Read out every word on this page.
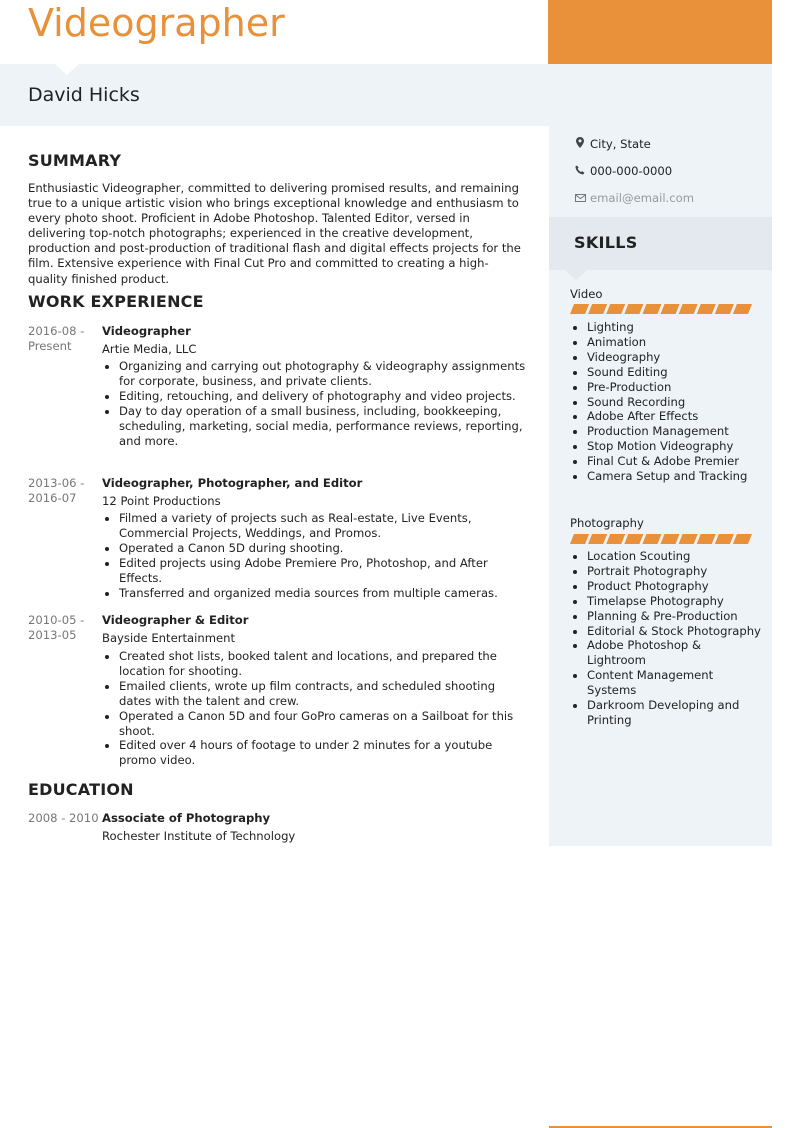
Videographer
David Hicks
City, State
000-000-0000
email@email.com
SKILLS
Video
• Lighting
• Animation
• Videography
• Sound Editing
• Pre-Production
• Sound Recording
• Adobe After Effects
• Production Management
• Stop Motion Videography
• Final Cut & Adobe Premier
• Camera Setup and Tracking
Photography
• Location Scouting
• Portrait Photography
• Product Photography
• Timelapse Photography
• Planning & Pre-Production
• Editorial & Stock Photography
• Adobe Photoshop & Lightroom
• Content Management Systems
• Darkroom Developing and Printing
SUMMARY

Enthusiastic Videographer, committed to delivering promised results, and remaining true to a unique artistic vision who brings exceptional knowledge and enthusiasm to every photo shoot. Proficient in Adobe Photoshop. Talented Editor, versed in delivering top-notch photographs; experienced in the creative development, production and post-production of traditional flash and digital effects projects for the film. Extensive experience with Final Cut Pro and committed to creating a high-quality finished product.

WORK EXPERIENCE
2016-08 - Present
Videographer
Artie Media, LLC
• Organizing and carrying out photography & videography assignments for corporate, business, and private clients.
• Editing, retouching, and delivery of photography and video projects.
• Day to day operation of a small business, including, bookkeeping, scheduling, marketing, social media, performance reviews, reporting, and more.
2013-06 - 2016-07
Videographer, Photographer, and Editor
12 Point Productions
• Filmed a variety of projects such as Real-estate, Live Events, Commercial Projects, Weddings, and Promos.
• Operated a Canon 5D during shooting.
• Edited projects using Adobe Premiere Pro, Photoshop, and After Effects.
• Transferred and organized media sources from multiple cameras.
2010-05 - 2013-05
Videographer & Editor
Bayside Entertainment
• Created shot lists, booked talent and locations, and prepared the location for shooting.
• Emailed clients, wrote up film contracts, and scheduled shooting dates with the talent and crew.
• Operated a Canon 5D and four GoPro cameras on a Sailboat for this shoot.
• Edited over 4 hours of footage to under 2 minutes for a youtube promo video.
EDUCATION
2008 - 2010 Associate of Photography
Rochester Institute of Technology
